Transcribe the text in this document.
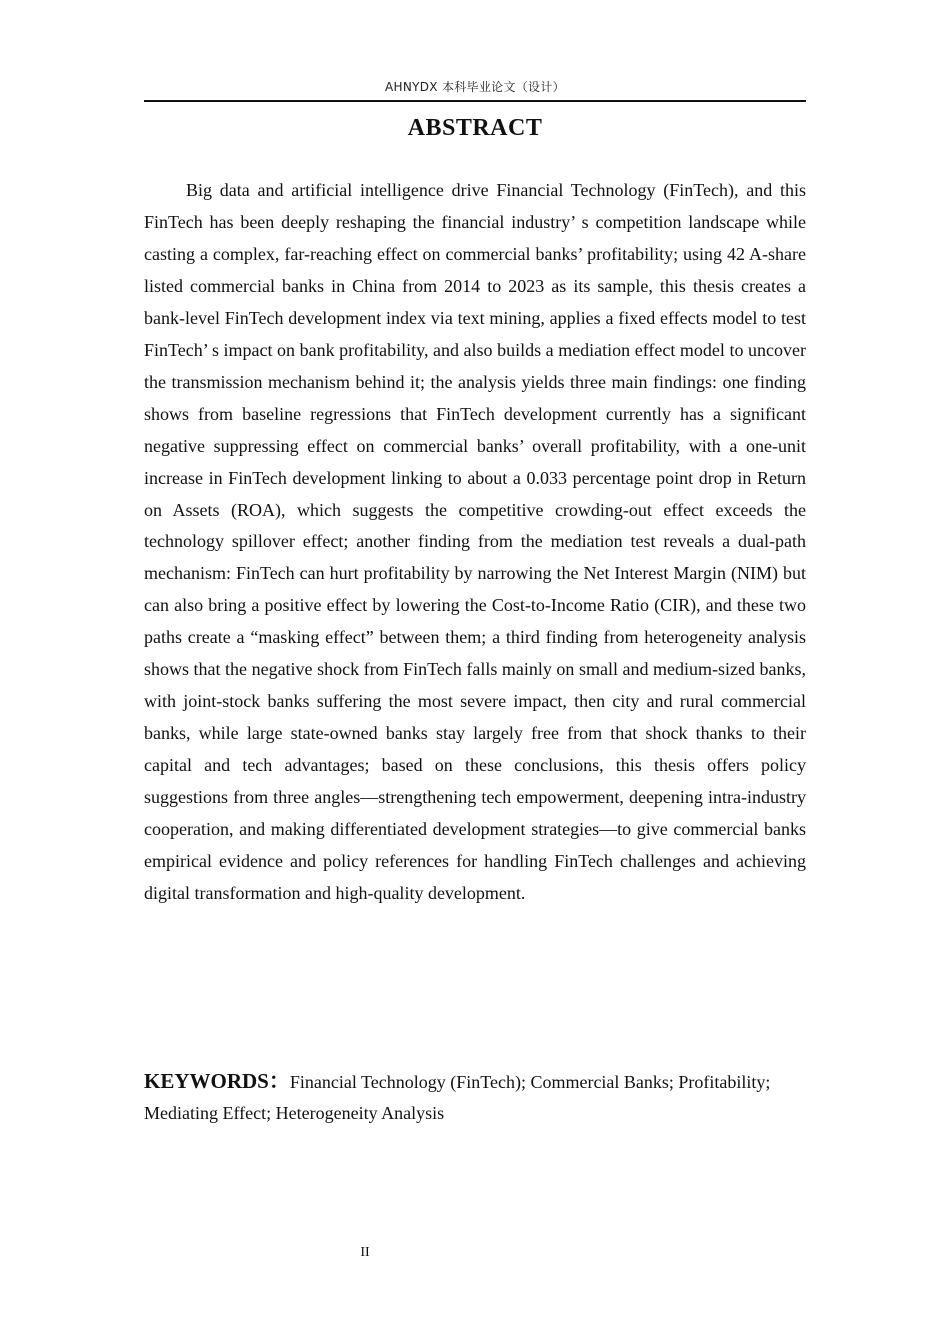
AHNYDX 本科毕业论文（设计）
ABSTRACT

Big data and artificial intelligence drive Financial Technology (FinTech), and this FinTech has been deeply reshaping the financial industry’ s competition landscape while casting a complex, far-reaching effect on commercial banks’ profitability; using 42 A-share listed commercial banks in China from 2014 to 2023 as its sample, this thesis creates a bank-level FinTech development index via text mining, applies a fixed effects model to test FinTech’ s impact on bank profitability, and also builds a mediation effect model to uncover the transmission mechanism behind it; the analysis yields three main findings: one finding shows from baseline regressions that FinTech development currently has a significant negative suppressing effect on commercial banks’ overall profitability, with a one-unit increase in FinTech development linking to about a 0.033 percentage point drop in Return on Assets (ROA), which suggests the competitive crowding-out effect exceeds the technology spillover effect; another finding from the mediation test reveals a dual-path mechanism: FinTech can hurt profitability by narrowing the Net Interest Margin (NIM) but can also bring a positive effect by lowering the Cost-to-Income Ratio (CIR), and these two paths create a “masking effect” between them; a third finding from heterogeneity analysis shows that the negative shock from FinTech falls mainly on small and medium-sized banks, with joint-stock banks suffering the most severe impact, then city and rural commercial banks, while large state-owned banks stay largely free from that shock thanks to their capital and tech advantages; based on these conclusions, this thesis offers policy suggestions from three angles—strengthening tech empowerment, deepening intra-industry cooperation, and making differentiated development strategies—to give commercial banks empirical evidence and policy references for handling FinTech challenges and achieving digital transformation and high-quality development.

KEYWORDS：Financial Technology (FinTech); Commercial Banks; Profitability; Mediating Effect; Heterogeneity Analysis

II
